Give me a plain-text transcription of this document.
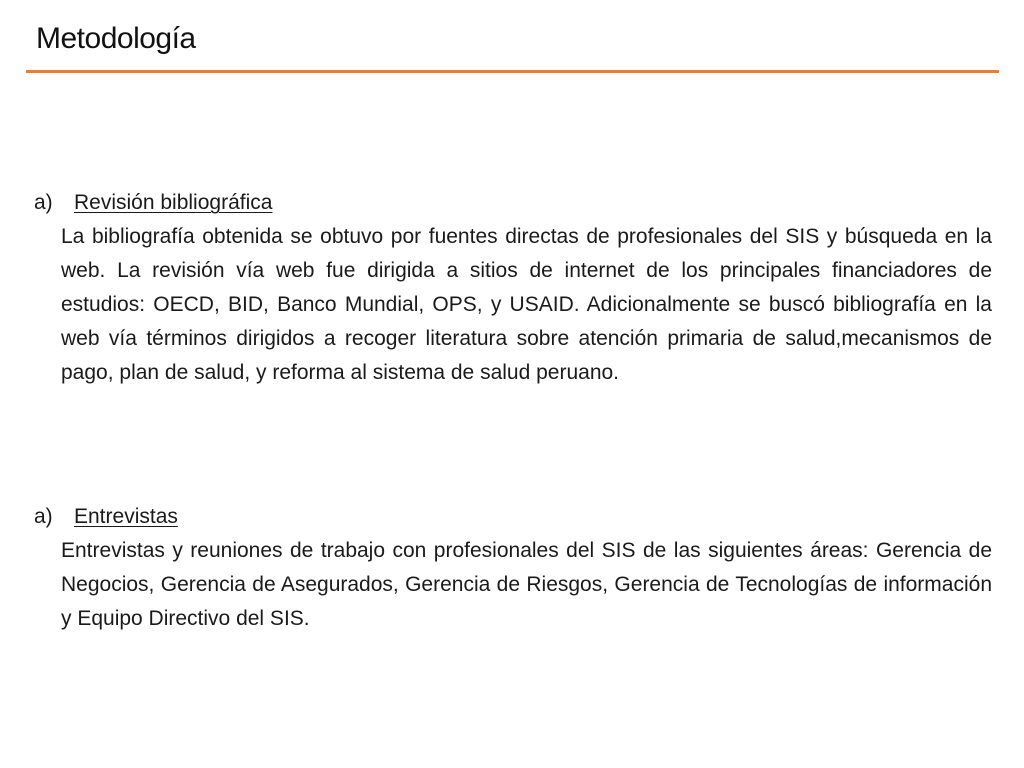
Metodología
a)	Revisión bibliográfica

La bibliografía obtenida se obtuvo por fuentes directas de profesionales del SIS y búsqueda en la web. La revisión vía web fue dirigida a sitios de internet de los principales financiadores de estudios: OECD, BID, Banco Mundial, OPS, y USAID. Adicionalmente se buscó bibliografía en la web vía términos dirigidos a recoger literatura sobre atención primaria de salud,mecanismos de pago, plan de salud, y reforma al sistema de salud peruano.

a)	Entrevistas

Entrevistas y reuniones de trabajo con profesionales del SIS de las siguientes áreas: Gerencia de Negocios, Gerencia de Asegurados, Gerencia de Riesgos, Gerencia de Tecnologías de información y Equipo Directivo del SIS.
